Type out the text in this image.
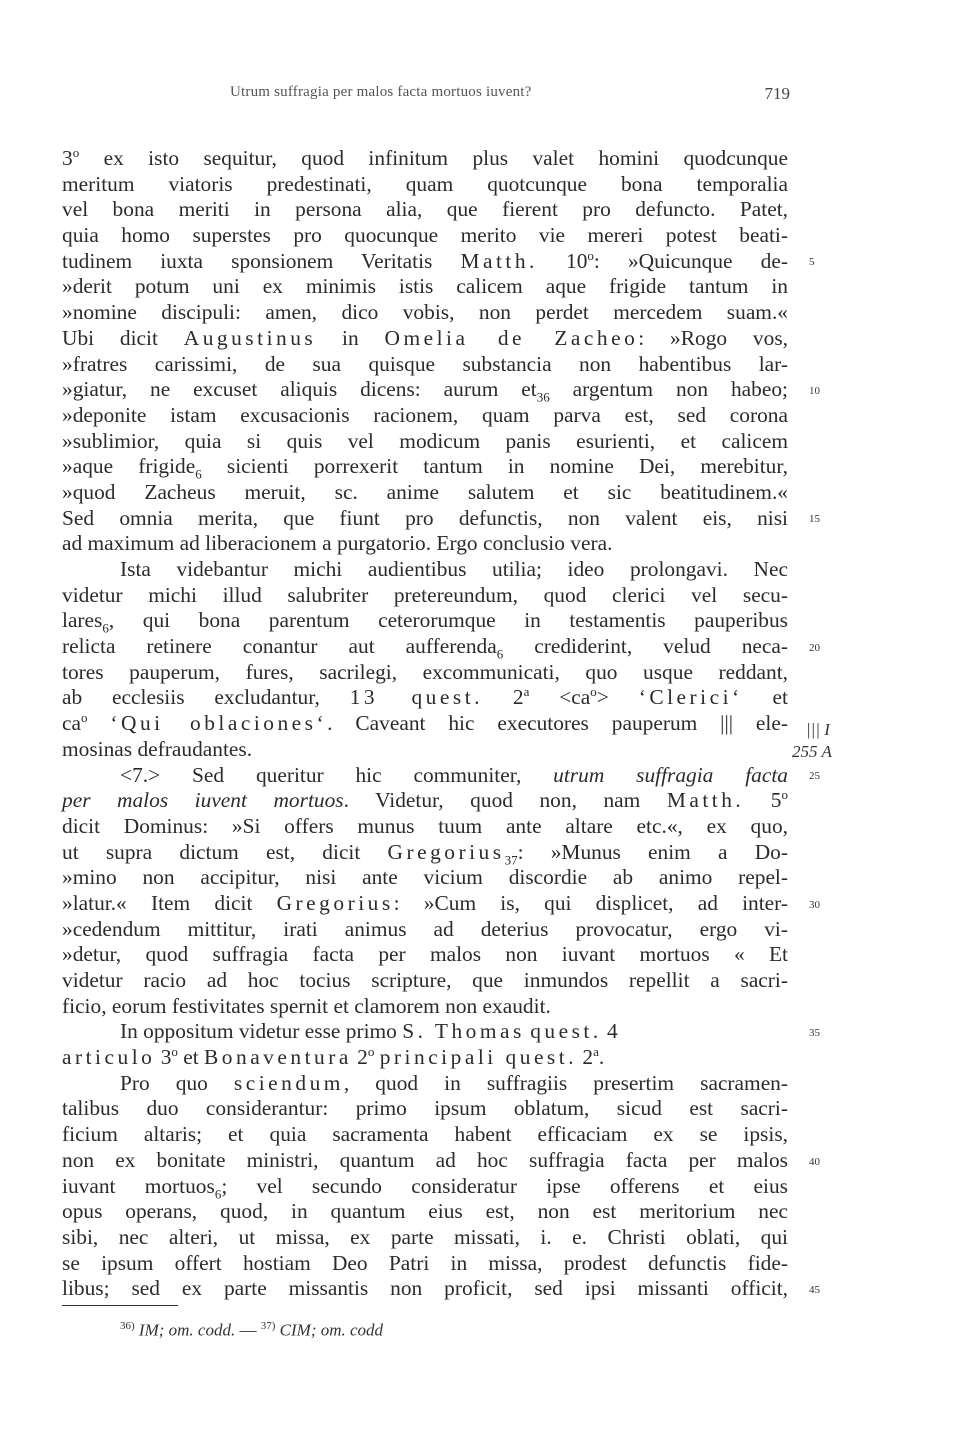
Utrum suffragia per malos facta mortuos iuvent?	719
3$^o$ ex isto sequitur, quod infinitum plus valet homini quodcunque
meritum viatoris predestinati, quam quotcunque bona temporalia
vel bona meriti in persona alia, que fierent pro defuncto. Patet,
quia homo superstes pro quocunque merito vie mereri potest beati-
tudinem iuxta sponsionem Veritatis Matth. 10$^o$: »Quicunque de-
»derit potum uni ex minimis istis calicem aque frigide tantum in
»nomine discipuli: amen, dico vobis, non perdet mercedem suam.«
Ubi dicit Augustinus in Omelia de Zacheo: »Rogo vos,
»fratres carissimi, de sua quisque substancia non habentibus lar-
»giatur, ne excuset aliquis dicens: aurum $et_{36}$ argentum non habeo;
»deponite istam excusacionis racionem, quam parva est, sed corona
»sublimior, quia si quis vel modicum panis esurienti, et calicem
»aque frigide$_6$ sicienti porrexerit tantum in nomine Dei, merebitur,
»quod Zacheus meruit, sc. anime salutem et sic beatitudinem.«
Sed omnia merita, que fiunt pro defunctis, non valent eis, nisi
ad maximum ad liberacionem a purgatorio. Ergo conclusio vera.
Ista videbantur michi audientibus utilia; ideo prolongavi. Nec
videtur michi illud salubriter pretereundum, quod clerici vel secu-
lares$_6$, qui bona parentum ceterorumque in testamentis pauperibus
relicta retinere conantur aut aufferenda$_6$ crediderint, velud neca-
tores pauperum, fures, sacrilegi, excommunicati, quo usque reddant,
ab ecclesiis excludantur, 13 quest. $2^a <ca^o>$ ‘Clerici‘ et
$ca^o$ ‘Qui oblaciones‘. Caveant hic executores pauperum ||| ele-
mosinas defraudantes.
<7.> Sed queritur hic communiter, utrum suffragia facta
per malos iuvent mortuos. Videtur, quod non, nam Matth. 5$^o$
dicit Dominus: »Si offers munus tuum ante altare etc.«, ex quo,
ut supra dictum est, dicit Gregorius$_{37}$: »Munus enim a Do-
»mino non accipitur, nisi ante vicium discordie ab animo repel-
»latur.« Item dicit Gregorius: »Cum is, qui displicet, ad inter-
»cedendum mittitur, irati animus ad deterius provocatur, ergo vi-
»detur, quod suffragia facta per malos non iuvant mortuos « Et
videtur racio ad hoc tocius scripture, que inmundos repellit a sacri-
ficio, eorum festivitates spernit et clamorem non exaudit.
In oppositum videtur esse primo S. Thomas quest. 4
articulo 3$^o$ et Bonaventura 2$^o$ principali quest. 2$^a$.
Pro quo sciendum, quod in suffragiis presertim sacramen-
talibus duo considerantur: primo ipsum oblatum, sicud est sacri-
ficium altaris; et quia sacramenta habent efficaciam ex se ipsis,
non ex bonitate ministri, quantum ad hoc suffragia facta per malos
iuvant mortuos$_6$; vel secundo consideratur ipse offerens et eius
opus operans, quod, in quantum eius est, non est meritorium nec
sibi, nec alteri, ut missa, ex parte missati, i. e. Christi oblati, qui
se ipsum offert hostiam Deo Patri in missa, prodest defunctis fide-
libus; sed ex parte missantis non proficit, sed ipsi missanti officit,
5
10
15
20
25
30
35
40
45
||| I
255 A
$^{36)}$ IM; om. codd. — $^{37)}$ CIM; om. codd
